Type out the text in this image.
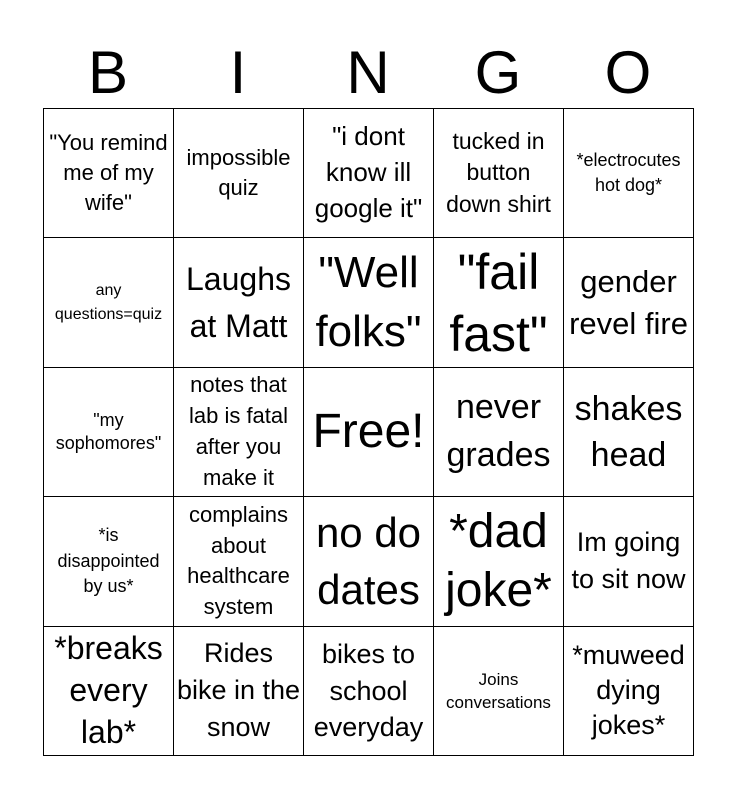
B	I	N	G	O
"You remind me of my wife"	impossible quiz	"i dont know ill google it"	tucked in button down shirt	*electrocutes hot dog*
any questions=quiz	Laughs at Matt	"Well folks"	"fail fast"	gender revel fire
"my sophomores"	notes that lab is fatal after you make it	Free!	never grades	shakes head
*is disappointed by us*	complains about healthcare system	no do dates	*dad joke*	Im going to sit now
*breaks every lab*	Rides bike in the snow	bikes to school everyday	Joins conversations	*muweed dying jokes*
